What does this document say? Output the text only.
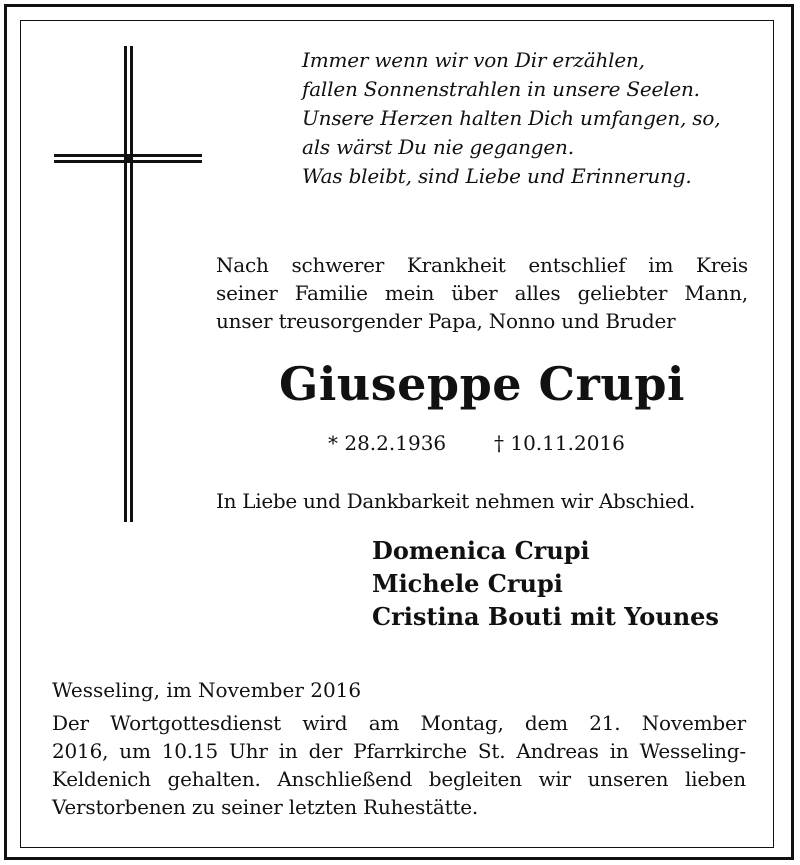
Immer wenn wir von Dir erzählen,
fallen Sonnenstrahlen in unsere Seelen.
Unsere Herzen halten Dich umfangen, so,
als wärst Du nie gegangen.
Was bleibt, sind Liebe und Erinnerung.
Nach schwerer Krankheit entschlief im Kreis
seiner Familie mein über alles geliebter Mann,
unser treusorgender Papa, Nonno und Bruder
Giuseppe Crupi
* 28.2.1936 † 10.11.2016
In Liebe und Dankbarkeit nehmen wir Abschied.
Domenica Crupi
Michele Crupi
Cristina Bouti mit Younes
Wesseling, im November 2016
Der Wortgottesdienst wird am Montag, dem 21. November
2016, um 10.15 Uhr in der Pfarrkirche St. Andreas in Wesseling-
Keldenich gehalten. Anschließend begleiten wir unseren lieben
Verstorbenen zu seiner letzten Ruhestätte.
